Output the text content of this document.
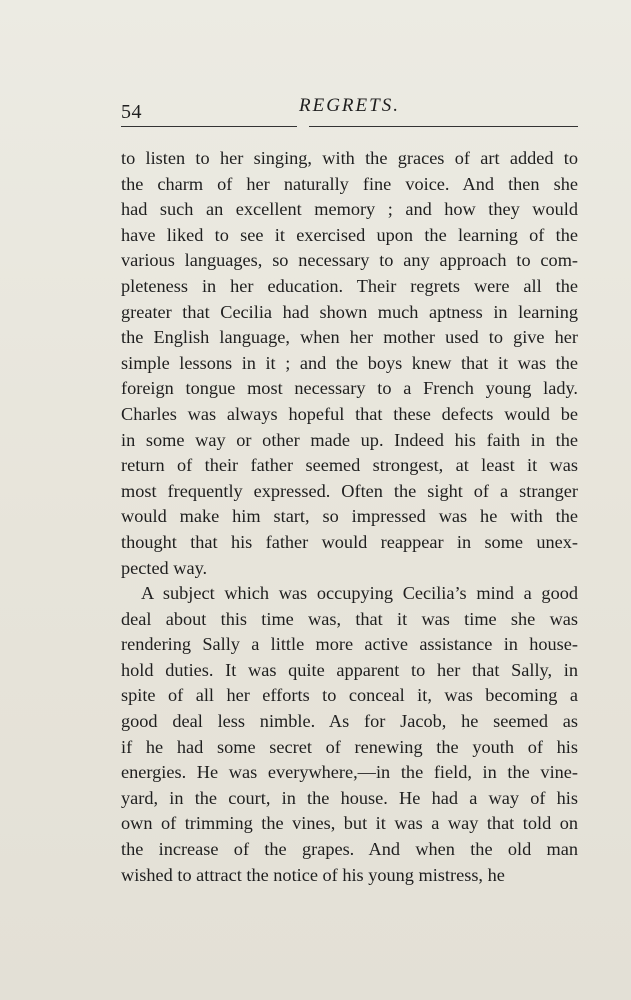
54	REGRETS.
to listen to her singing, with the graces of art added to
the charm of her naturally fine voice. And then she
had such an excellent memory ; and how they would
have liked to see it exercised upon the learning of the
various languages, so necessary to any approach to com-
pleteness in her education. Their regrets were all the
greater that Cecilia had shown much aptness in learning
the English language, when her mother used to give her
simple lessons in it ; and the boys knew that it was the
foreign tongue most necessary to a French young lady.
Charles was always hopeful that these defects would be
in some way or other made up. Indeed his faith in the
return of their father seemed strongest, at least it was
most frequently expressed. Often the sight of a stranger
would make him start, so impressed was he with the
thought that his father would reappear in some unex-
pected way.
A subject which was occupying Cecilia’s mind a good
deal about this time was, that it was time she was
rendering Sally a little more active assistance in house-
hold duties. It was quite apparent to her that Sally, in
spite of all her efforts to conceal it, was becoming a
good deal less nimble. As for Jacob, he seemed as
if he had some secret of renewing the youth of his
energies. He was everywhere,—in the field, in the vine-
yard, in the court, in the house. He had a way of his
own of trimming the vines, but it was a way that told on
the increase of the grapes. And when the old man
wished to attract the notice of his young mistress, he
